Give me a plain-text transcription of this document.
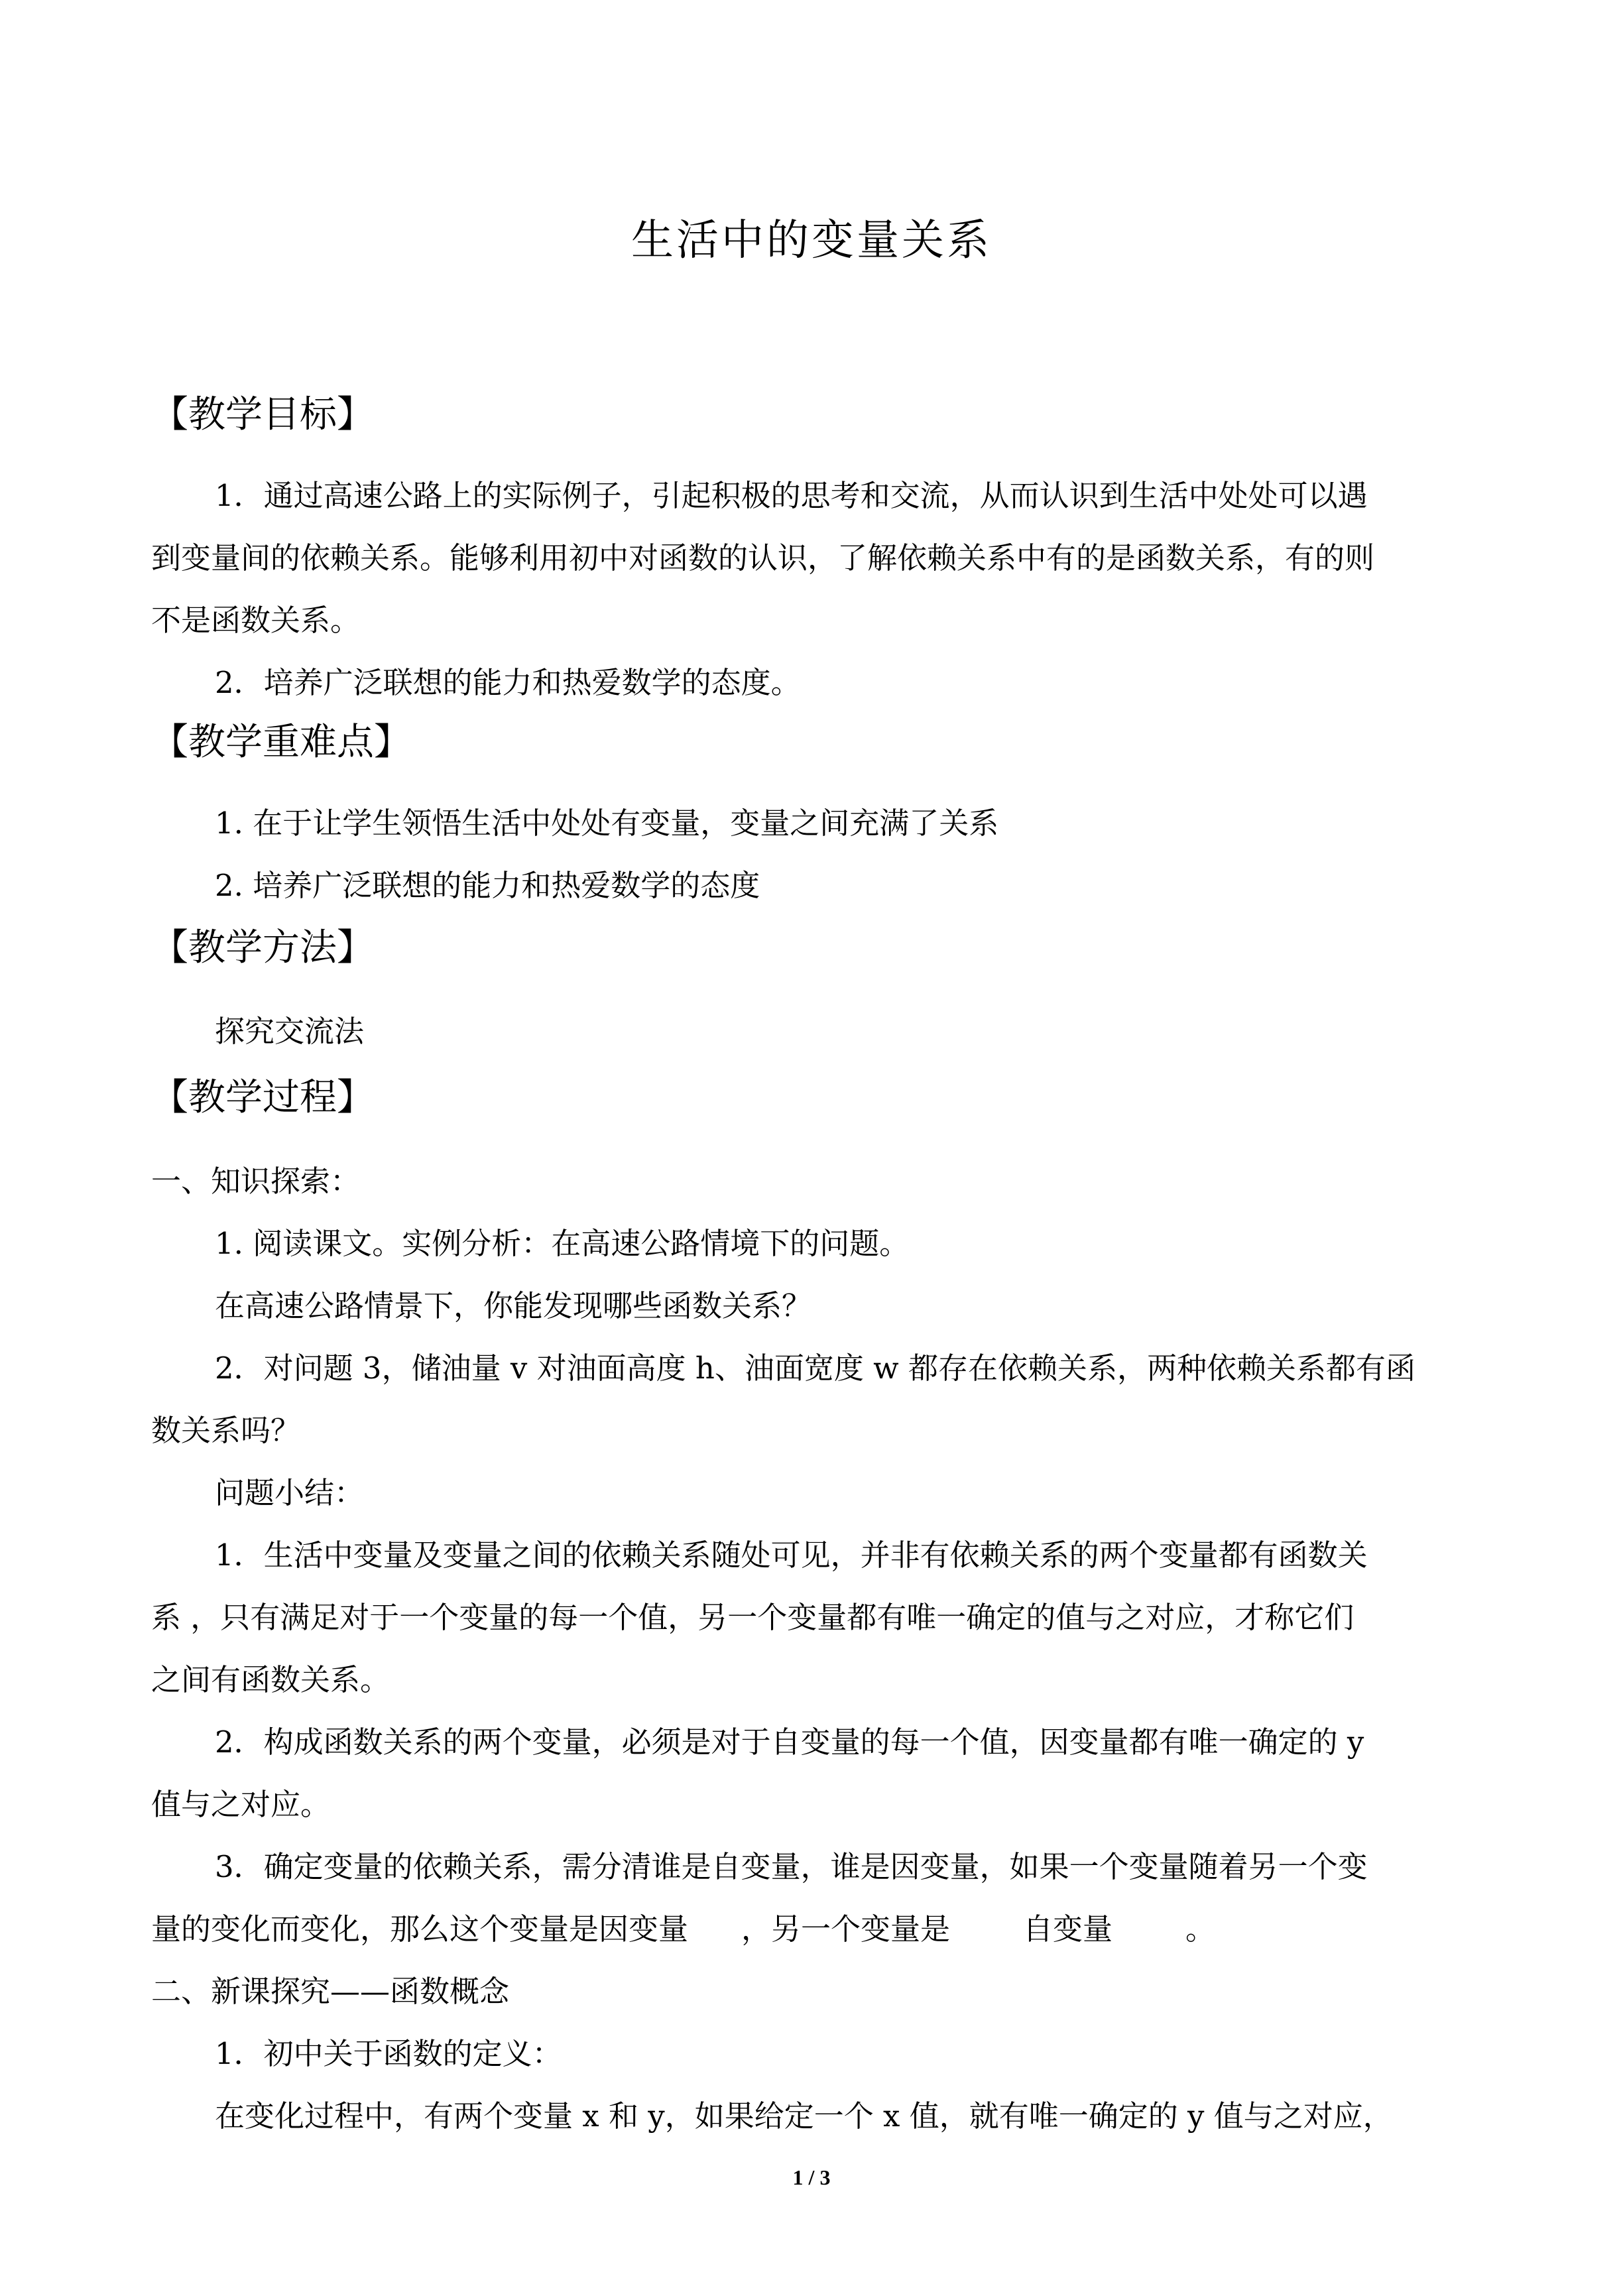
生活中的变量关系
【教学目标】
1．通过高速公路上的实际例子，引起积极的思考和交流，从而认识到生活中处处可以遇
到变量间的依赖关系。能够利用初中对函数的认识，了解依赖关系中有的是函数关系，有的则
不是函数关系。
2．培养广泛联想的能力和热爱数学的态度。
【教学重难点】
1. 在于让学生领悟生活中处处有变量，变量之间充满了关系
2. 培养广泛联想的能力和热爱数学的态度
【教学方法】
探究交流法
【教学过程】
一、知识探索：
1. 阅读课文。实例分析：在高速公路情境下的问题。
在高速公路情景下，你能发现哪些函数关系？
2．对问题 3，储油量 v 对油面高度 h、油面宽度 w 都存在依赖关系，两种依赖关系都有函
数关系吗？
问题小结：
1．生活中变量及变量之间的依赖关系随处可见，并非有依赖关系的两个变量都有函数关
系 ，只有满足对于一个变量的每一个值，另一个变量都有唯一确定的值与之对应，才称它们
之间有函数关系。
2．构成函数关系的两个变量，必须是对于自变量的每一个值，因变量都有唯一确定的 y
值与之对应。
3．确定变量的依赖关系，需分清谁是自变量，谁是因变量，如果一个变量随着另一个变
量的变化而变化，那么这个变量是因变量 ，另一个变量是 自变量 。
二、新课探究——函数概念
1．初中关于函数的定义：
在变化过程中，有两个变量 x 和 y，如果给定一个 x 值，就有唯一确定的 y 值与之对应，
1 / 3
